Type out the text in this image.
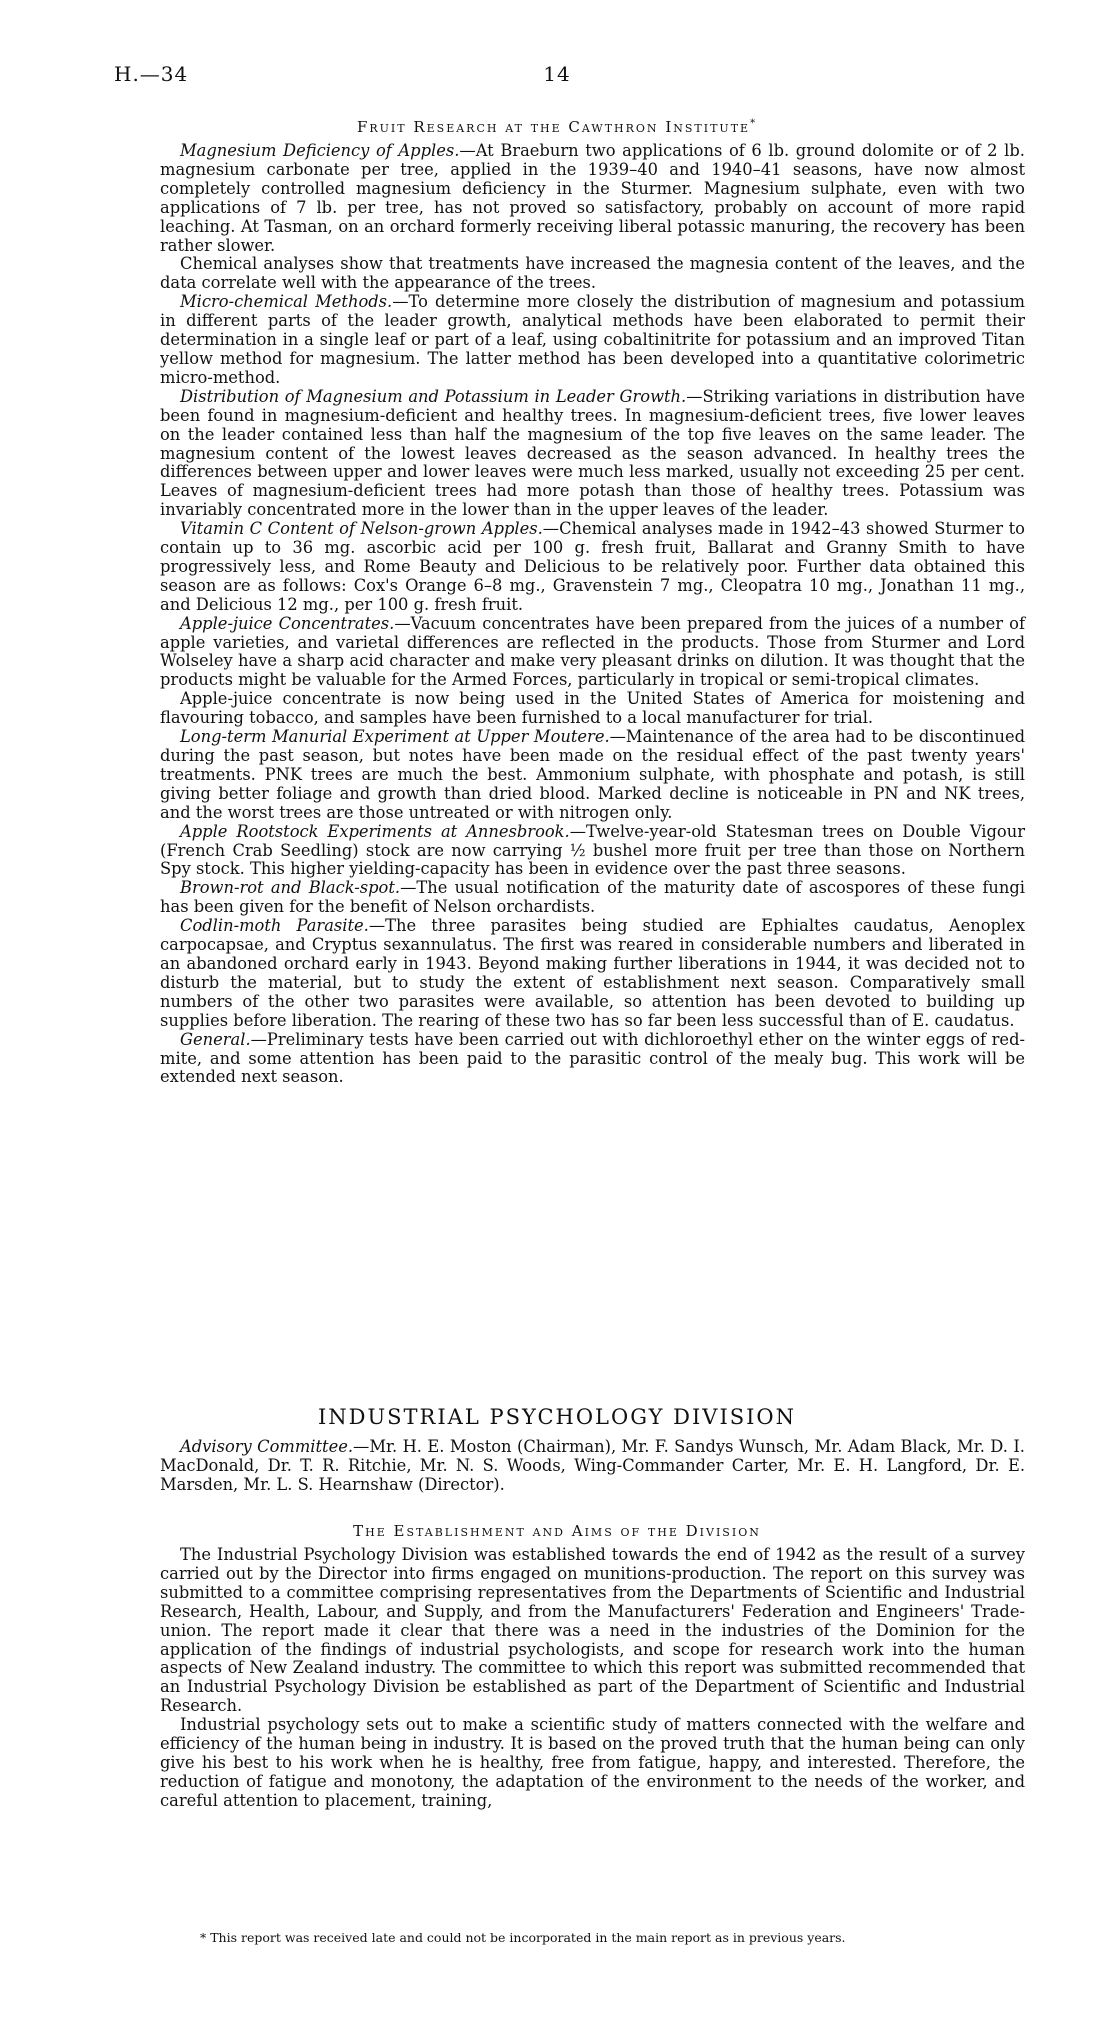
H.—34	14
Fruit Research at the Cawthron Institute*

Magnesium Deficiency of Apples.—At Braeburn two applications of 6 lb. ground dolomite or of 2 lb. magnesium carbonate per tree, applied in the 1939–40 and 1940–41 seasons, have now almost completely controlled magnesium deficiency in the Sturmer. Magnesium sulphate, even with two applications of 7 lb. per tree, has not proved so satisfactory, probably on account of more rapid leaching. At Tasman, on an orchard formerly receiving liberal potassic manuring, the recovery has been rather slower.

Chemical analyses show that treatments have increased the magnesia content of the leaves, and the data correlate well with the appearance of the trees.

Micro-chemical Methods.—To determine more closely the distribution of magnesium and potassium in different parts of the leader growth, analytical methods have been elaborated to permit their determination in a single leaf or part of a leaf, using cobaltinitrite for potassium and an improved Titan yellow method for magnesium. The latter method has been developed into a quantitative colorimetric micro-method.

Distribution of Magnesium and Potassium in Leader Growth.—Striking variations in distribution have been found in magnesium-deficient and healthy trees. In magnesium-deficient trees, five lower leaves on the leader contained less than half the magnesium of the top five leaves on the same leader. The magnesium content of the lowest leaves decreased as the season advanced. In healthy trees the differences between upper and lower leaves were much less marked, usually not exceeding 25 per cent. Leaves of magnesium-deficient trees had more potash than those of healthy trees. Potassium was invariably concentrated more in the lower than in the upper leaves of the leader.

Vitamin C Content of Nelson-grown Apples.—Chemical analyses made in 1942–43 showed Sturmer to contain up to 36 mg. ascorbic acid per 100 g. fresh fruit, Ballarat and Granny Smith to have progressively less, and Rome Beauty and Delicious to be relatively poor. Further data obtained this season are as follows: Cox's Orange 6–8 mg., Gravenstein 7 mg., Cleopatra 10 mg., Jonathan 11 mg., and Delicious 12 mg., per 100 g. fresh fruit.

Apple-juice Concentrates.—Vacuum concentrates have been prepared from the juices of a number of apple varieties, and varietal differences are reflected in the products. Those from Sturmer and Lord Wolseley have a sharp acid character and make very pleasant drinks on dilution. It was thought that the products might be valuable for the Armed Forces, particularly in tropical or semi-tropical climates.

Apple-juice concentrate is now being used in the United States of America for moistening and flavouring tobacco, and samples have been furnished to a local manufacturer for trial.

Long-term Manurial Experiment at Upper Moutere.—Maintenance of the area had to be discontinued during the past season, but notes have been made on the residual effect of the past twenty years' treatments. PNK trees are much the best. Ammonium sulphate, with phosphate and potash, is still giving better foliage and growth than dried blood. Marked decline is noticeable in PN and NK trees, and the worst trees are those untreated or with nitrogen only.

Apple Rootstock Experiments at Annesbrook.—Twelve-year-old Statesman trees on Double Vigour (French Crab Seedling) stock are now carrying ½ bushel more fruit per tree than those on Northern Spy stock. This higher yielding-capacity has been in evidence over the past three seasons.

Brown-rot and Black-spot.—The usual notification of the maturity date of ascospores of these fungi has been given for the benefit of Nelson orchardists.

Codlin-moth Parasite.—The three parasites being studied are Ephialtes caudatus, Aenoplex carpocapsae, and Cryptus sexannulatus. The first was reared in considerable numbers and liberated in an abandoned orchard early in 1943. Beyond making further liberations in 1944, it was decided not to disturb the material, but to study the extent of establishment next season. Comparatively small numbers of the other two parasites were available, so attention has been devoted to building up supplies before liberation. The rearing of these two has so far been less successful than of E. caudatus.

General.—Preliminary tests have been carried out with dichloroethyl ether on the winter eggs of red-mite, and some attention has been paid to the parasitic control of the mealy bug. This work will be extended next season.

INDUSTRIAL PSYCHOLOGY DIVISION

Advisory Committee.—Mr. H. E. Moston (Chairman), Mr. F. Sandys Wunsch, Mr. Adam Black, Mr. D. I. MacDonald, Dr. T. R. Ritchie, Mr. N. S. Woods, Wing-Commander Carter, Mr. E. H. Langford, Dr. E. Marsden, Mr. L. S. Hearnshaw (Director).

The Establishment and Aims of the Division

The Industrial Psychology Division was established towards the end of 1942 as the result of a survey carried out by the Director into firms engaged on munitions-production. The report on this survey was submitted to a committee comprising representatives from the Departments of Scientific and Industrial Research, Health, Labour, and Supply, and from the Manufacturers' Federation and Engineers' Trade-union. The report made it clear that there was a need in the industries of the Dominion for the application of the findings of industrial psychologists, and scope for research work into the human aspects of New Zealand industry. The committee to which this report was submitted recommended that an Industrial Psychology Division be established as part of the Department of Scientific and Industrial Research.

Industrial psychology sets out to make a scientific study of matters connected with the welfare and efficiency of the human being in industry. It is based on the proved truth that the human being can only give his best to his work when he is healthy, free from fatigue, happy, and interested. Therefore, the reduction of fatigue and monotony, the adaptation of the environment to the needs of the worker, and careful attention to placement, training,

* This report was received late and could not be incorporated in the main report as in previous years.
